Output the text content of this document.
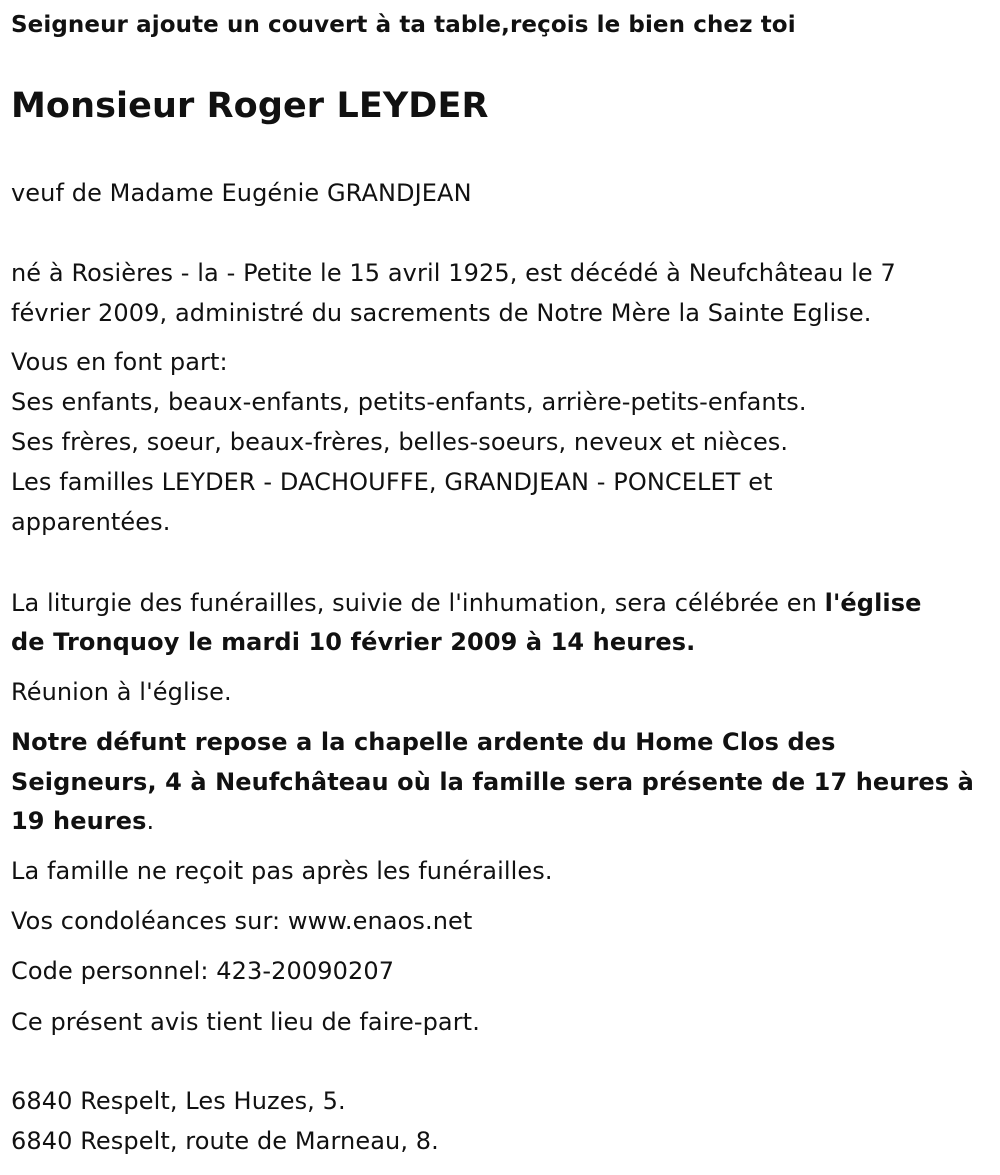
Seigneur ajoute un couvert à ta table,reçois le bien chez toi
Monsieur Roger LEYDER
veuf de Madame Eugénie GRANDJEAN
né à Rosières - la - Petite le 15 avril 1925, est décédé à Neufchâteau le 7
février 2009, administré du sacrements de Notre Mère la Sainte Eglise.
Vous en font part:
Ses enfants, beaux-enfants, petits-enfants, arrière-petits-enfants.
Ses frères, soeur, beaux-frères, belles-soeurs, neveux et nièces.
Les familles LEYDER - DACHOUFFE, GRANDJEAN - PONCELET et
apparentées.
La liturgie des funérailles, suivie de l'inhumation, sera célébrée en l'église
de Tronquoy le mardi 10 février 2009 à 14 heures.
Réunion à l'église.
Notre défunt repose a la chapelle ardente du Home Clos des
Seigneurs, 4 à Neufchâteau où la famille sera présente de 17 heures à
19 heures.
La famille ne reçoit pas après les funérailles.
Vos condoléances sur: www.enaos.net
Code personnel: 423-20090207
Ce présent avis tient lieu de faire-part.
6840 Respelt, Les Huzes, 5.
6840 Respelt, route de Marneau, 8.
